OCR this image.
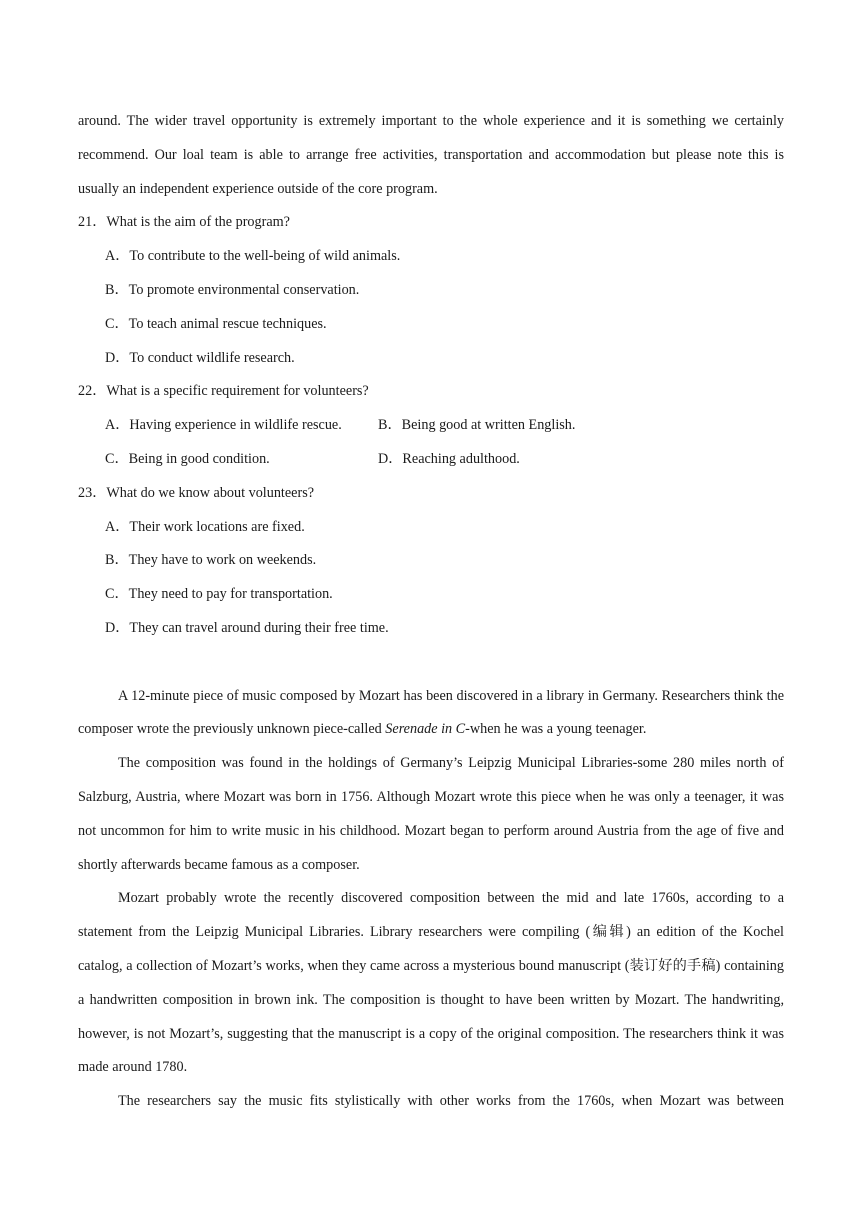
around. The wider travel opportunity is extremely important to the whole experience and it is something we certainly recommend. Our loal team is able to arrange free activities, transportation and accommodation but please note this is usually an independent experience outside of the core program.

21．What is the aim of the program?

A．To contribute to the well-being of wild animals.

B．To promote environmental conservation.

C．To teach animal rescue techniques.

D．To conduct wildlife research.

22．What is a specific requirement for volunteers?

A．Having experience in wildlife rescue.	B．Being good at written English.
C．Being in good condition.	D．Reaching adulthood.

23．What do we know about volunteers?

A．Their work locations are fixed.

B．They have to work on weekends.

C．They need to pay for transportation.

D．They can travel around during their free time.

A 12-minute piece of music composed by Mozart has been discovered in a library in Germany. Researchers think the composer wrote the previously unknown piece-called Serenade in C-when he was a young teenager.

The composition was found in the holdings of Germany’s Leipzig Municipal Libraries-some 280 miles north of Salzburg, Austria, where Mozart was born in 1756. Although Mozart wrote this piece when he was only a teenager, it was not uncommon for him to write music in his childhood. Mozart began to perform around Austria from the age of five and shortly afterwards became famous as a composer.

Mozart probably wrote the recently discovered composition between the mid and late 1760s, according to a statement from the Leipzig Municipal Libraries. Library researchers were compiling (编辑) an edition of the Kochel catalog, a collection of Mozart’s works, when they came across a mysterious bound manuscript (装订好的手稿) containing a handwritten composition in brown ink. The composition is thought to have been written by Mozart. The handwriting, however, is not Mozart’s, suggesting that the manuscript is a copy of the original composition. The researchers think it was made around 1780.

The researchers say the music fits stylistically with other works from the 1760s, when Mozart was between
